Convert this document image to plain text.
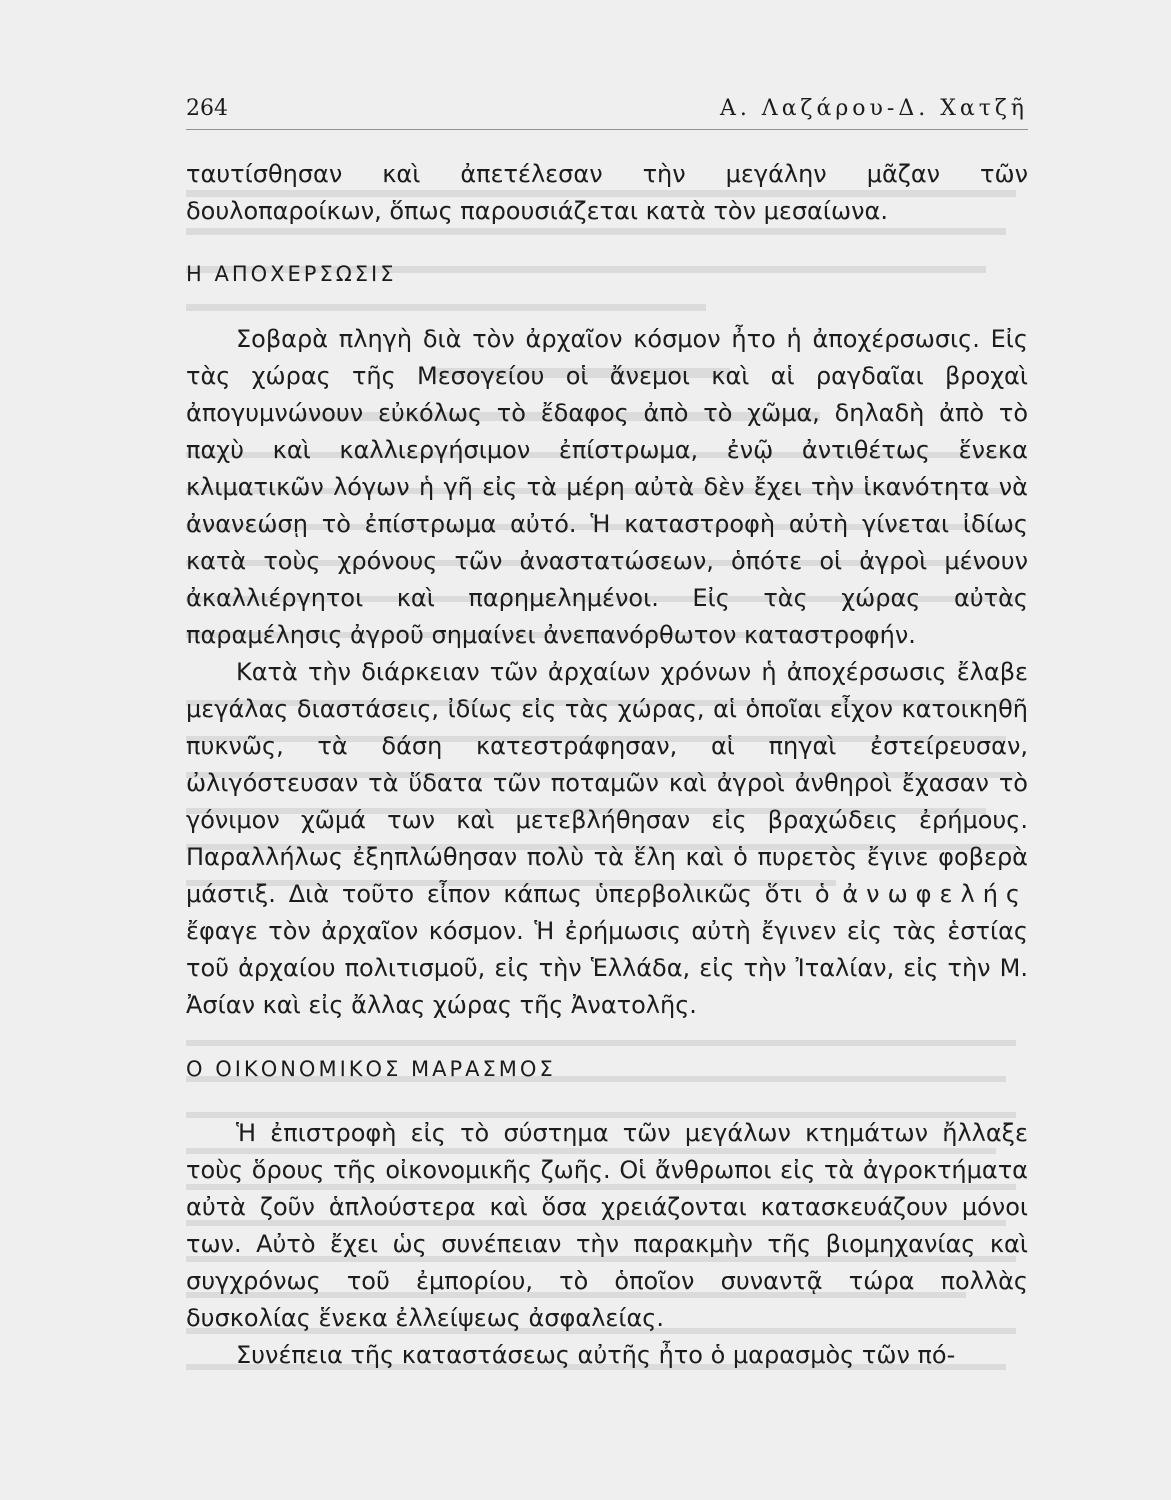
264	Α. Λαζάρου-Δ. Χατζῆ

ταυτίσθησαν καὶ ἀπετέλεσαν τὴν μεγάλην μᾶζαν τῶν δουλοπαροίκων, ὅπως παρουσιάζεται κατὰ τὸν μεσαίωνα.

Η ΑΠΟΧΕΡΣΩΣΙΣ

Σοβαρὰ πληγὴ διὰ τὸν ἀρχαῖον κόσμον ἦτο ἡ ἀποχέρσωσις. Εἰς τὰς χώρας τῆς Μεσογείου οἱ ἄνεμοι καὶ αἱ ραγδαῖαι βροχαὶ ἀπογυμνώνουν εὐκόλως τὸ ἔδαφος ἀπὸ τὸ χῶμα, δηλαδὴ ἀπὸ τὸ παχὺ καὶ καλλιεργήσιμον ἐπίστρωμα, ἐνῷ ἀντιθέτως ἕνεκα κλιματικῶν λόγων ἡ γῆ εἰς τὰ μέρη αὐτὰ δὲν ἔχει τὴν ἱκανότητα νὰ ἀνανεώσῃ τὸ ἐπίστρωμα αὐτό. Ἡ καταστροφὴ αὐτὴ γίνεται ἰδίως κατὰ τοὺς χρόνους τῶν ἀναστατώσεων, ὁπότε οἱ ἀγροὶ μένουν ἀκαλλιέργητοι καὶ παρημελημένοι. Εἰς τὰς χώρας αὐτὰς παραμέλησις ἀγροῦ σημαίνει ἀνεπανόρθωτον καταστροφήν.

Κατὰ τὴν διάρκειαν τῶν ἀρχαίων χρόνων ἡ ἀποχέρσωσις ἔλαβε μεγάλας διαστάσεις, ἰδίως εἰς τὰς χώρας, αἱ ὁποῖαι εἶχον κατοικηθῆ πυκνῶς, τὰ δάση κατεστράφησαν, αἱ πηγαὶ ἐστείρευσαν, ὠλιγόστευσαν τὰ ὕδατα τῶν ποταμῶν καὶ ἀγροὶ ἀνθηροὶ ἔχασαν τὸ γόνιμον χῶμά των καὶ μετεβλήθησαν εἰς βραχώδεις ἐρήμους. Παραλλήλως ἐξηπλώθησαν πολὺ τὰ ἕλη καὶ ὁ πυρετὸς ἔγινε φοβερὰ μάστιξ. Διὰ τοῦτο εἶπον κάπως ὑπερβολικῶς ὅτι ὁ ἀνωφελής ἔφαγε τὸν ἀρχαῖον κόσμον. Ἡ ἐρήμωσις αὐτὴ ἔγινεν εἰς τὰς ἑστίας τοῦ ἀρχαίου πολιτισμοῦ, εἰς τὴν Ἑλλάδα, εἰς τὴν Ἰταλίαν, εἰς τὴν Μ. Ἀσίαν καὶ εἰς ἄλλας χώρας τῆς Ἀνατολῆς.

Ο ΟΙΚΟΝΟΜΙΚΟΣ ΜΑΡΑΣΜΟΣ

Ἡ ἐπιστροφὴ εἰς τὸ σύστημα τῶν μεγάλων κτημάτων ἤλλαξε τοὺς ὅρους τῆς οἰκονομικῆς ζωῆς. Οἱ ἄνθρωποι εἰς τὰ ἀγροκτήματα αὐτὰ ζοῦν ἁπλούστερα καὶ ὅσα χρειάζονται κατασκευάζουν μόνοι των. Αὐτὸ ἔχει ὡς συνέπειαν τὴν παρακμὴν τῆς βιομηχανίας καὶ συγχρόνως τοῦ ἐμπορίου, τὸ ὁποῖον συναντᾷ τώρα πολλὰς δυσκολίας ἕνεκα ἐλλείψεως ἀσφαλείας.

Συνέπεια τῆς καταστάσεως αὐτῆς ἦτο ὁ μαρασμὸς τῶν πό-
